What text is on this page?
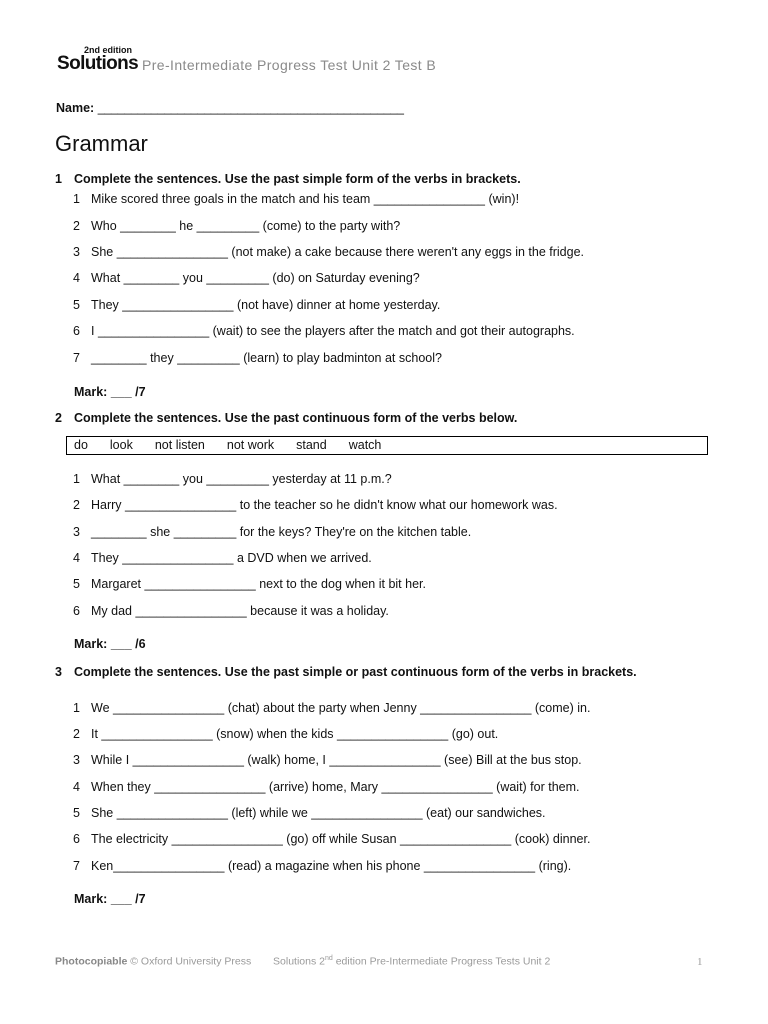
2nd edition
Solutions Pre-Intermediate Progress Test Unit 2 Test B
Name: ______________________________________________
Grammar
1 Complete the sentences. Use the past simple form of the verbs in brackets.
1 Mike scored three goals in the match and his team ________________ (win)!
2 Who ________ he _________ (come) to the party with?
3 She ________________ (not make) a cake because there weren't any eggs in the fridge.
4 What ________ you _________ (do) on Saturday evening?
5 They ________________ (not have) dinner at home yesterday.
6 I ________________ (wait) to see the players after the match and got their autographs.
7 ________ they _________ (learn) to play badminton at school?
Mark: ___ /7
2 Complete the sentences. Use the past continuous form of the verbs below.
do look not listen not work stand watch
1 What ________ you _________ yesterday at 11 p.m.?
2 Harry ________________ to the teacher so he didn't know what our homework was.
3 ________ she _________ for the keys? They're on the kitchen table.
4 They ________________ a DVD when we arrived.
5 Margaret ________________ next to the dog when it bit her.
6 My dad ________________ because it was a holiday.
Mark: ___ /6
3 Complete the sentences. Use the past simple or past continuous form of the verbs in brackets.
1 We ________________ (chat) about the party when Jenny ________________ (come) in.
2 It ________________ (snow) when the kids ________________ (go) out.
3 While I ________________ (walk) home, I ________________ (see) Bill at the bus stop.
4 When they ________________ (arrive) home, Mary ________________ (wait) for them.
5 She ________________ (left) while we ________________ (eat) our sandwiches.
6 The electricity ________________ (go) off while Susan ________________ (cook) dinner.
7 Ken________________ (read) a magazine when his phone ________________ (ring).
Mark: ___ /7
Photocopiable © Oxford University Press Solutions 2nd edition Pre-Intermediate Progress Tests Unit 2	1
